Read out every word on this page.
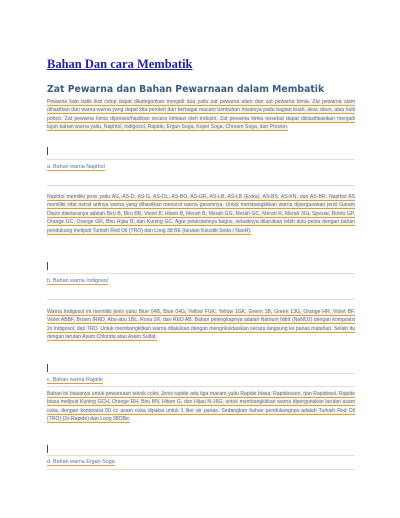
Bahan Dan cara Membatik
Zat Pewarna dan Bahan Pewarnaan dalam Membatik

Pewarna kain batik ikat celup dapat dikategorikan menjadi dua yaitu zat pewarna alam dan zat pewarna kimia. Zat pewarna alam dihasilkan dari warna-warna yang dapat kita peroleh dari berbagai macam tumbuhan misalnya pada bagian buah, akar, daun, atau kulit pohon. Zat pewarna kimia diproses/hasilkan secara kimiawi oleh industri. Zat pewarna kimia tersebut dapat diklasifikasikan menjadi tujuh bahan warna yaitu, Naphtol, Indigosol, Rapide, Ergan Soga, Kopel Soga, Chroom Soga, dan Prosion.

a. Bahan warna Napthol

Naphtol memiliki jenis yaitu AG, AS-D, AS-G, AS-OL, AS-BO, AS-GR, AS-LB, AS-LB (Extra), AS-BS, AS-KN, dan AS-BR. Napthol AS memiliki sifat netral artinya warna yang dihasilkan menurut warna garamnya. Untuk membangkitkan warna dipergunakan jenis Garam Diazo diantaranya adalah Biru B, Biru BB, Violet B, Hitam B, Merah B, Merah GG, Merah GC, Merah R, Merah 3GL Spesial, Bordo GP, Orange GC, Orange GR, Biru Hijau B, dan Kuning GC. Agar pelarutannya bagus, sebaiknya dilarutkan lebih dulu pesta dengan bahan pendukung meliputi Turkish Red Oil (TRO) dan Loog 38 BE (larutan Kaustik Soda / NaoH).

b. Bahan warna Indigosol

Warna Indigosol ini memiliki jenis yaitu Blue 04B, Blue 04G, Yellow FGK, Yellow 1GK, Green 1B, Green 13G, Orange HR, Violet BF, Violet ABBF, Brown IRRD, Abu-abu 1BL, Rosa 1R, dan RED AB. Bahan pelengkapnya adalah Natrium Nitrit (NaNO2) dengan komposisi 2x indigosol, dan TRO. Untuk membangkitkan warna dilakukan dengan mengoksidasikan secara langsung ke panas matahari. Selain itu dengan larutan Asam Chlorida atau Asam Sulfat.

c. Bahan warna Rapide

Bahan ini biasanya untuk pewarnaan teknik colet. Jenis rapide ada tiga macam yaitu Rapide biasa, Rapidasoen, dan Rapidosol. Rapide biasa meliputi Kuning GCH, Orange RH, Biru BN, Hitam G, dan Hijau N-16G, untuk membangkitkan warna dipergunakan larutan asam cuka, dengan komposisi 50 cc asam cuka dipakai untuk 1 liter air panas. Sedangkan bahan pendukungnya adalah Turkish Red Oil (TRO) (2x Rapide) dan Loog 38OBe.

d. Bahan warna Ergan Soga
